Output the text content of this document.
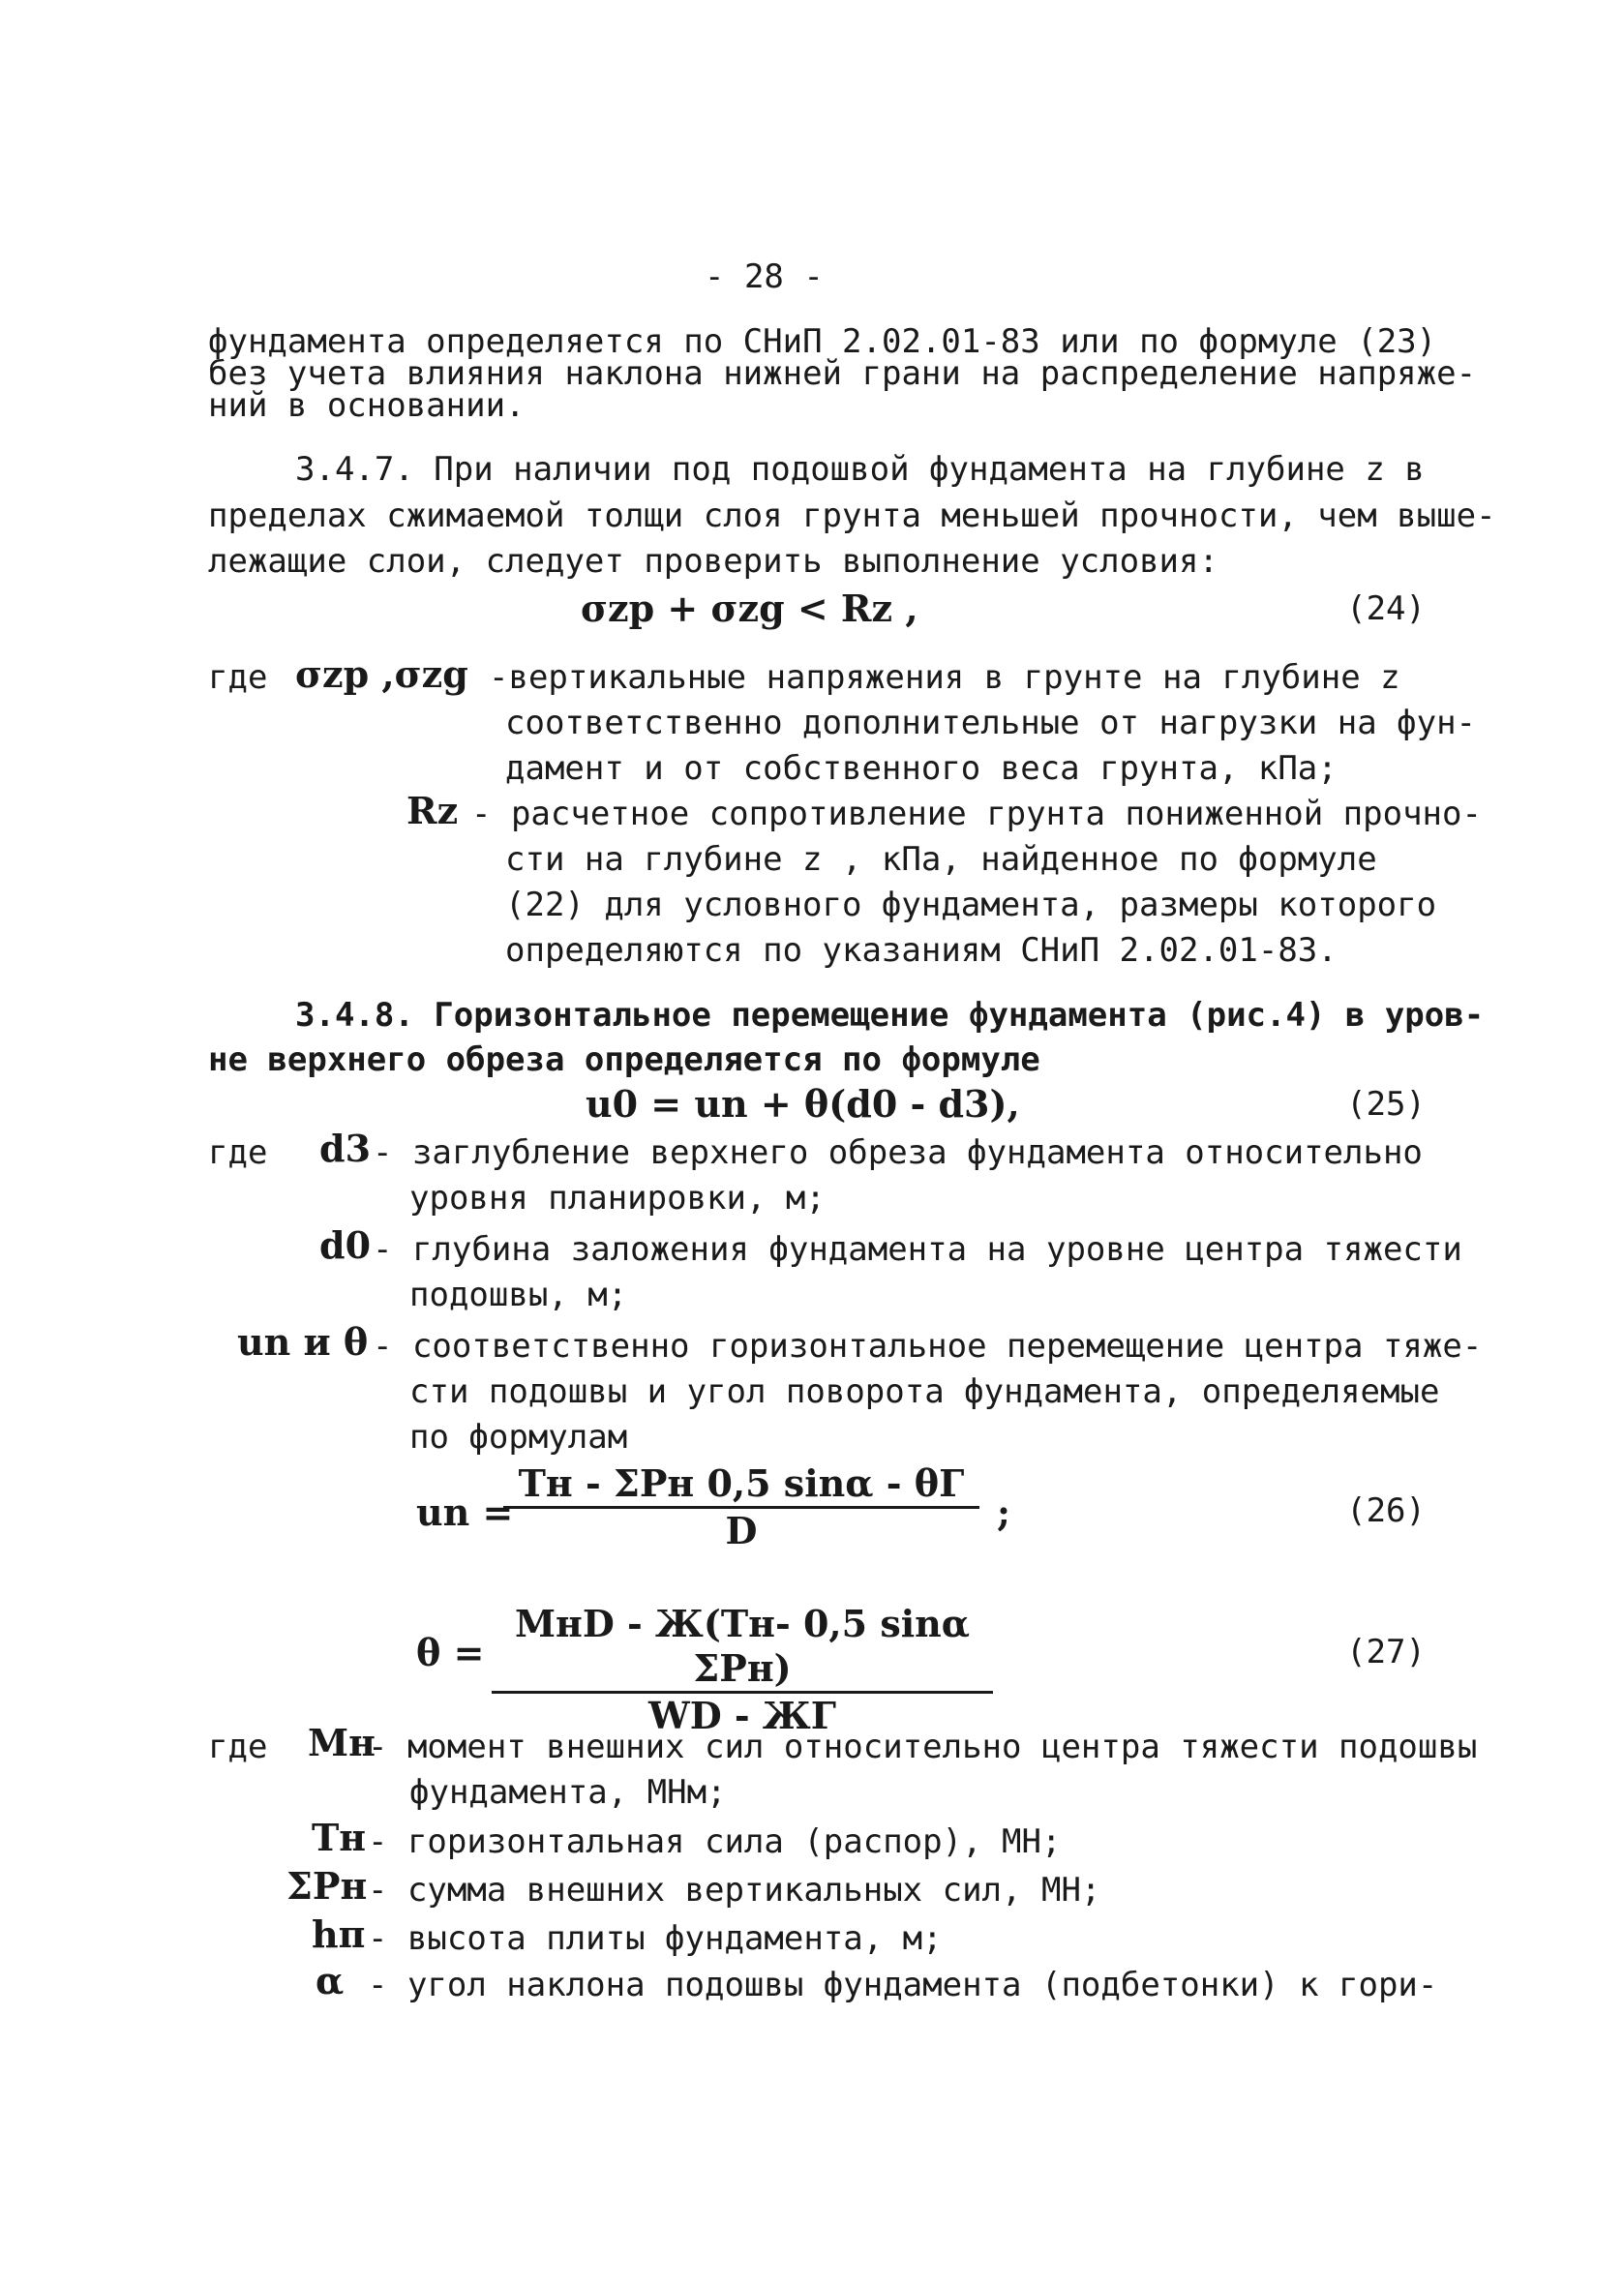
- 28 -
фундамента определяется по СНиП 2.02.01-83 или по формуле (23)
без учета влияния наклона нижней грани на распределение напряже-
ний в основании.
3.4.7. При наличии под подошвой фундамента на глубине z в
пределах сжимаемой толщи слоя грунта меньшей прочности, чем выше-
лежащие слои, следует проверить выполнение условия:
σzp + σzg < Rz ,	(24)
где σzp ,σzg -вертикальные напряжения в грунте на глубине z
соответственно дополнительные от нагрузки на фун-
дамент и от собственного веса грунта, кПа;
Rz - расчетное сопротивление грунта пониженной прочно-
сти на глубине z , кПа, найденное по формуле
(22) для условного фундамента, размеры которого
определяются по указаниям СНиП 2.02.01-83.
3.4.8. Горизонтальное перемещение фундамента (рис.4) в уров-
не верхнего обреза определяется по формуле
u0 = un + θ(d0 - d3),	(25)
где d3 - заглубление верхнего обреза фундамента относительно
уровня планировки, м;
d0 - глубина заложения фундамента на уровне центра тяжести
подошвы, м;
un и θ - соответственно горизонтальное перемещение центра тяже-
сти подошвы и угол поворота фундамента, определяемые
по формулам
un =
Tн - ΣPн 0,5 sinα - θГ
D	;	(26)
θ =
MнD - Ж(Tн- 0,5 sinα ΣPн)
WD - ЖГ
(27)
где Mн
- момент внешних сил относительно центра тяжести подошвы
фундамента, МНм;
Tн - горизонтальная сила (распор), МН;
ΣPн - сумма внешних вертикальных сил, МН;
hп - высота плиты фундамента, м;
α - угол наклона подошвы фундамента (подбетонки) к гори-
